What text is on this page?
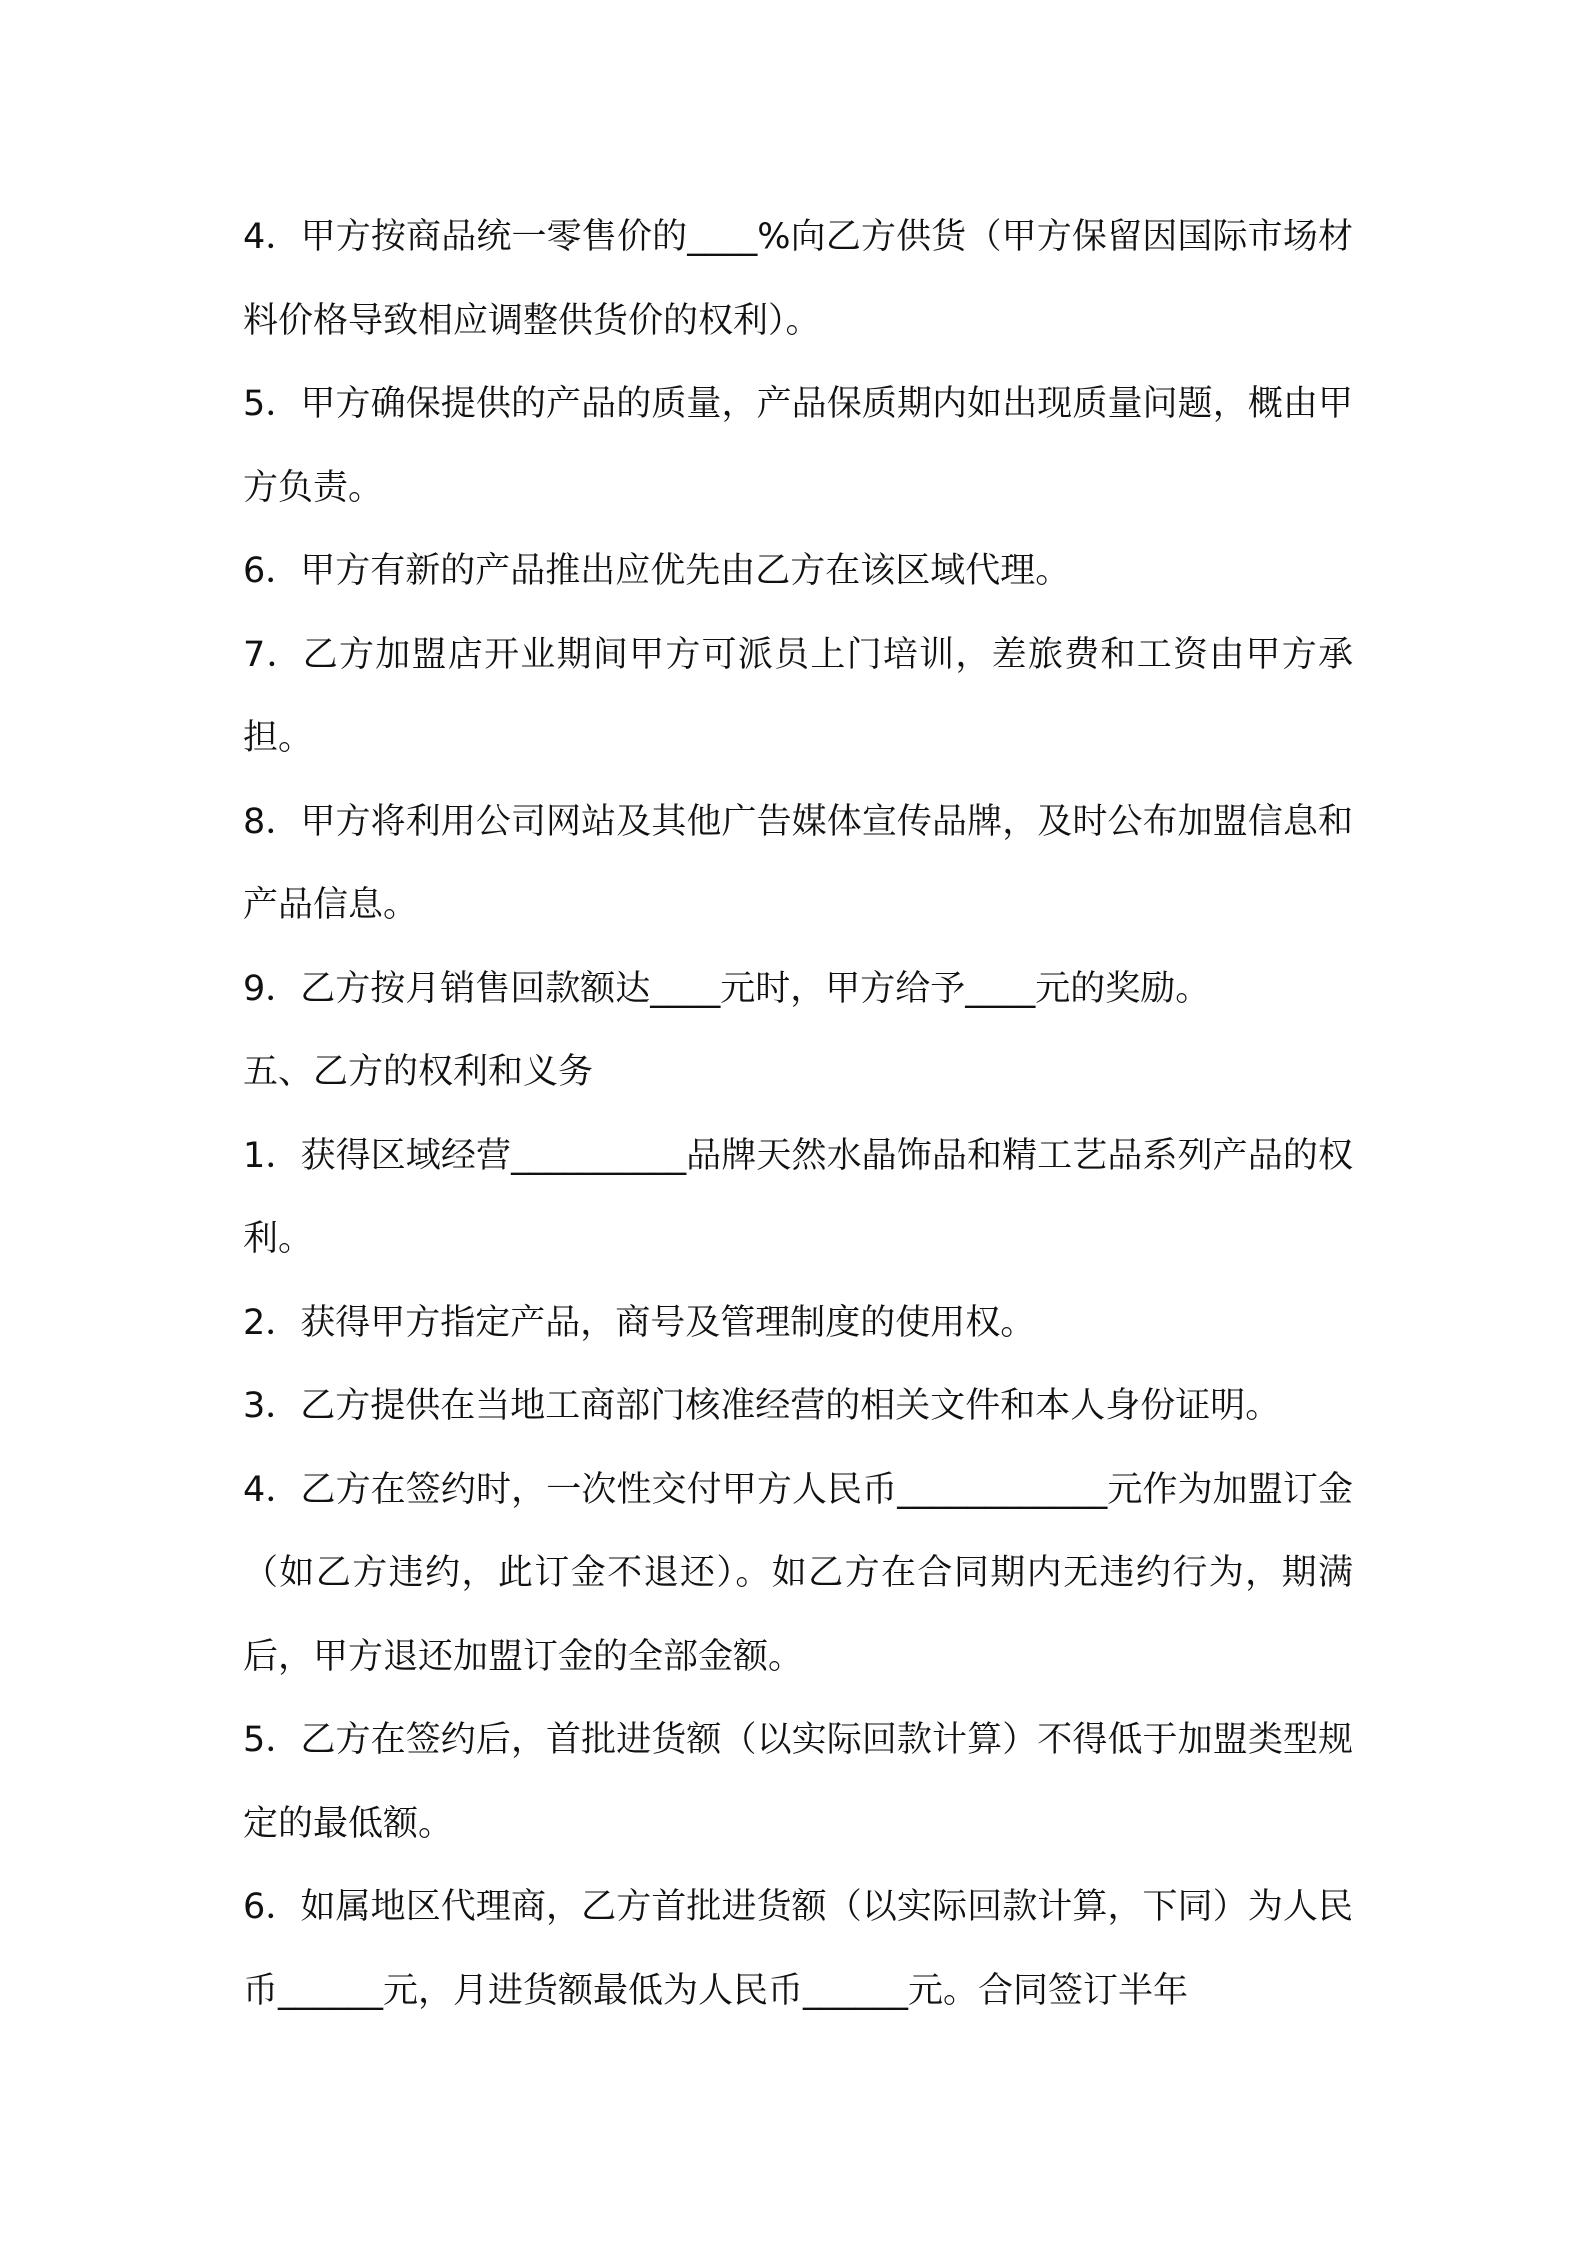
4．甲方按商品统一零售价的____%向乙方供货（甲方保留因国际市场材料价格导致相应调整供货价的权利）。

5．甲方确保提供的产品的质量，产品保质期内如出现质量问题，概由甲方负责。

6．甲方有新的产品推出应优先由乙方在该区域代理。

7．乙方加盟店开业期间甲方可派员上门培训，差旅费和工资由甲方承担。

8．甲方将利用公司网站及其他广告媒体宣传品牌，及时公布加盟信息和产品信息。

9．乙方按月销售回款额达____元时，甲方给予____元的奖励。

五、乙方的权利和义务

1．获得区域经营__________品牌天然水晶饰品和精工艺品系列产品的权利。

2．获得甲方指定产品，商号及管理制度的使用权。

3．乙方提供在当地工商部门核准经营的相关文件和本人身份证明。

4．乙方在签约时，一次性交付甲方人民币____________元作为加盟订金（如乙方违约，此订金不退还）。如乙方在合同期内无违约行为，期满后，甲方退还加盟订金的全部金额。

5．乙方在签约后，首批进货额（以实际回款计算）不得低于加盟类型规定的最低额。

6．如属地区代理商，乙方首批进货额（以实际回款计算，下同）为人民币______元，月进货额最低为人民币______元。合同签订半年
